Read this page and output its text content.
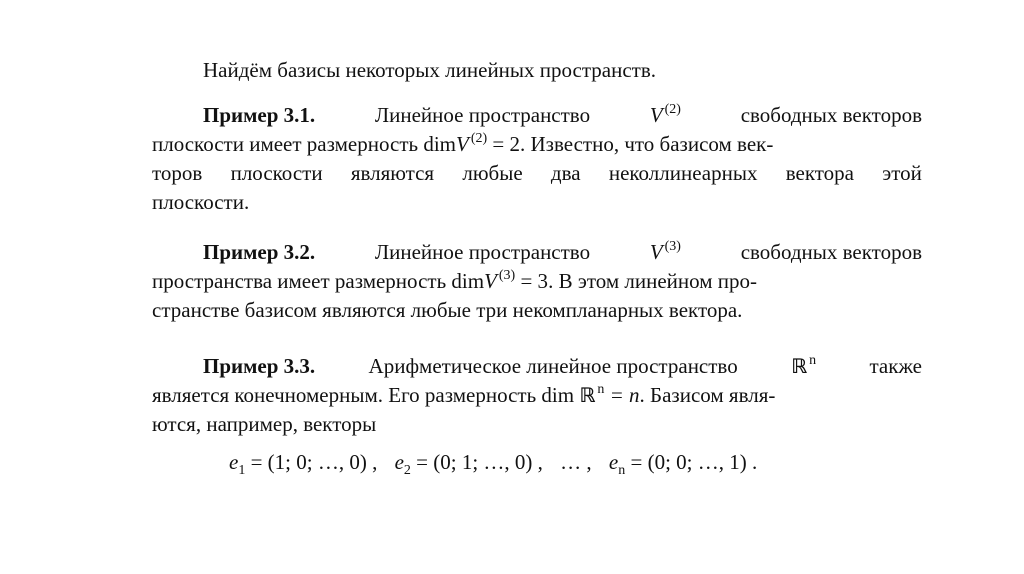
Найдём базисы некоторых линейных пространств.
Пример 3.1.	Линейное пространство	V $^{(2)}$	свободных векторов
плоскости имеет размерность dimV $^{(2)}$ = 2. Известно, что базисом век-
торов плоскости являются любые два неколлинеарных вектора этой
плоскости.
Пример 3.2.	Линейное пространство	V $^{(3)}$	свободных векторов
пространства имеет размерность dimV $^{(3)}$ = 3. В этом линейном про-
странстве базисом являются любые три некомпланарных вектора.
Пример 3.3.	Арифметическое линейное пространство	ℝ $^n$	также
является конечномерным. Его размерность dim ℝ $^n$ = n. Базисом явля-
ются, например, векторы
$e_1 = (1$; 0; …, 0) , $e_2 = (0$; 1; …, 0) , … , $e_n = (0$; 0; …, 1) .
